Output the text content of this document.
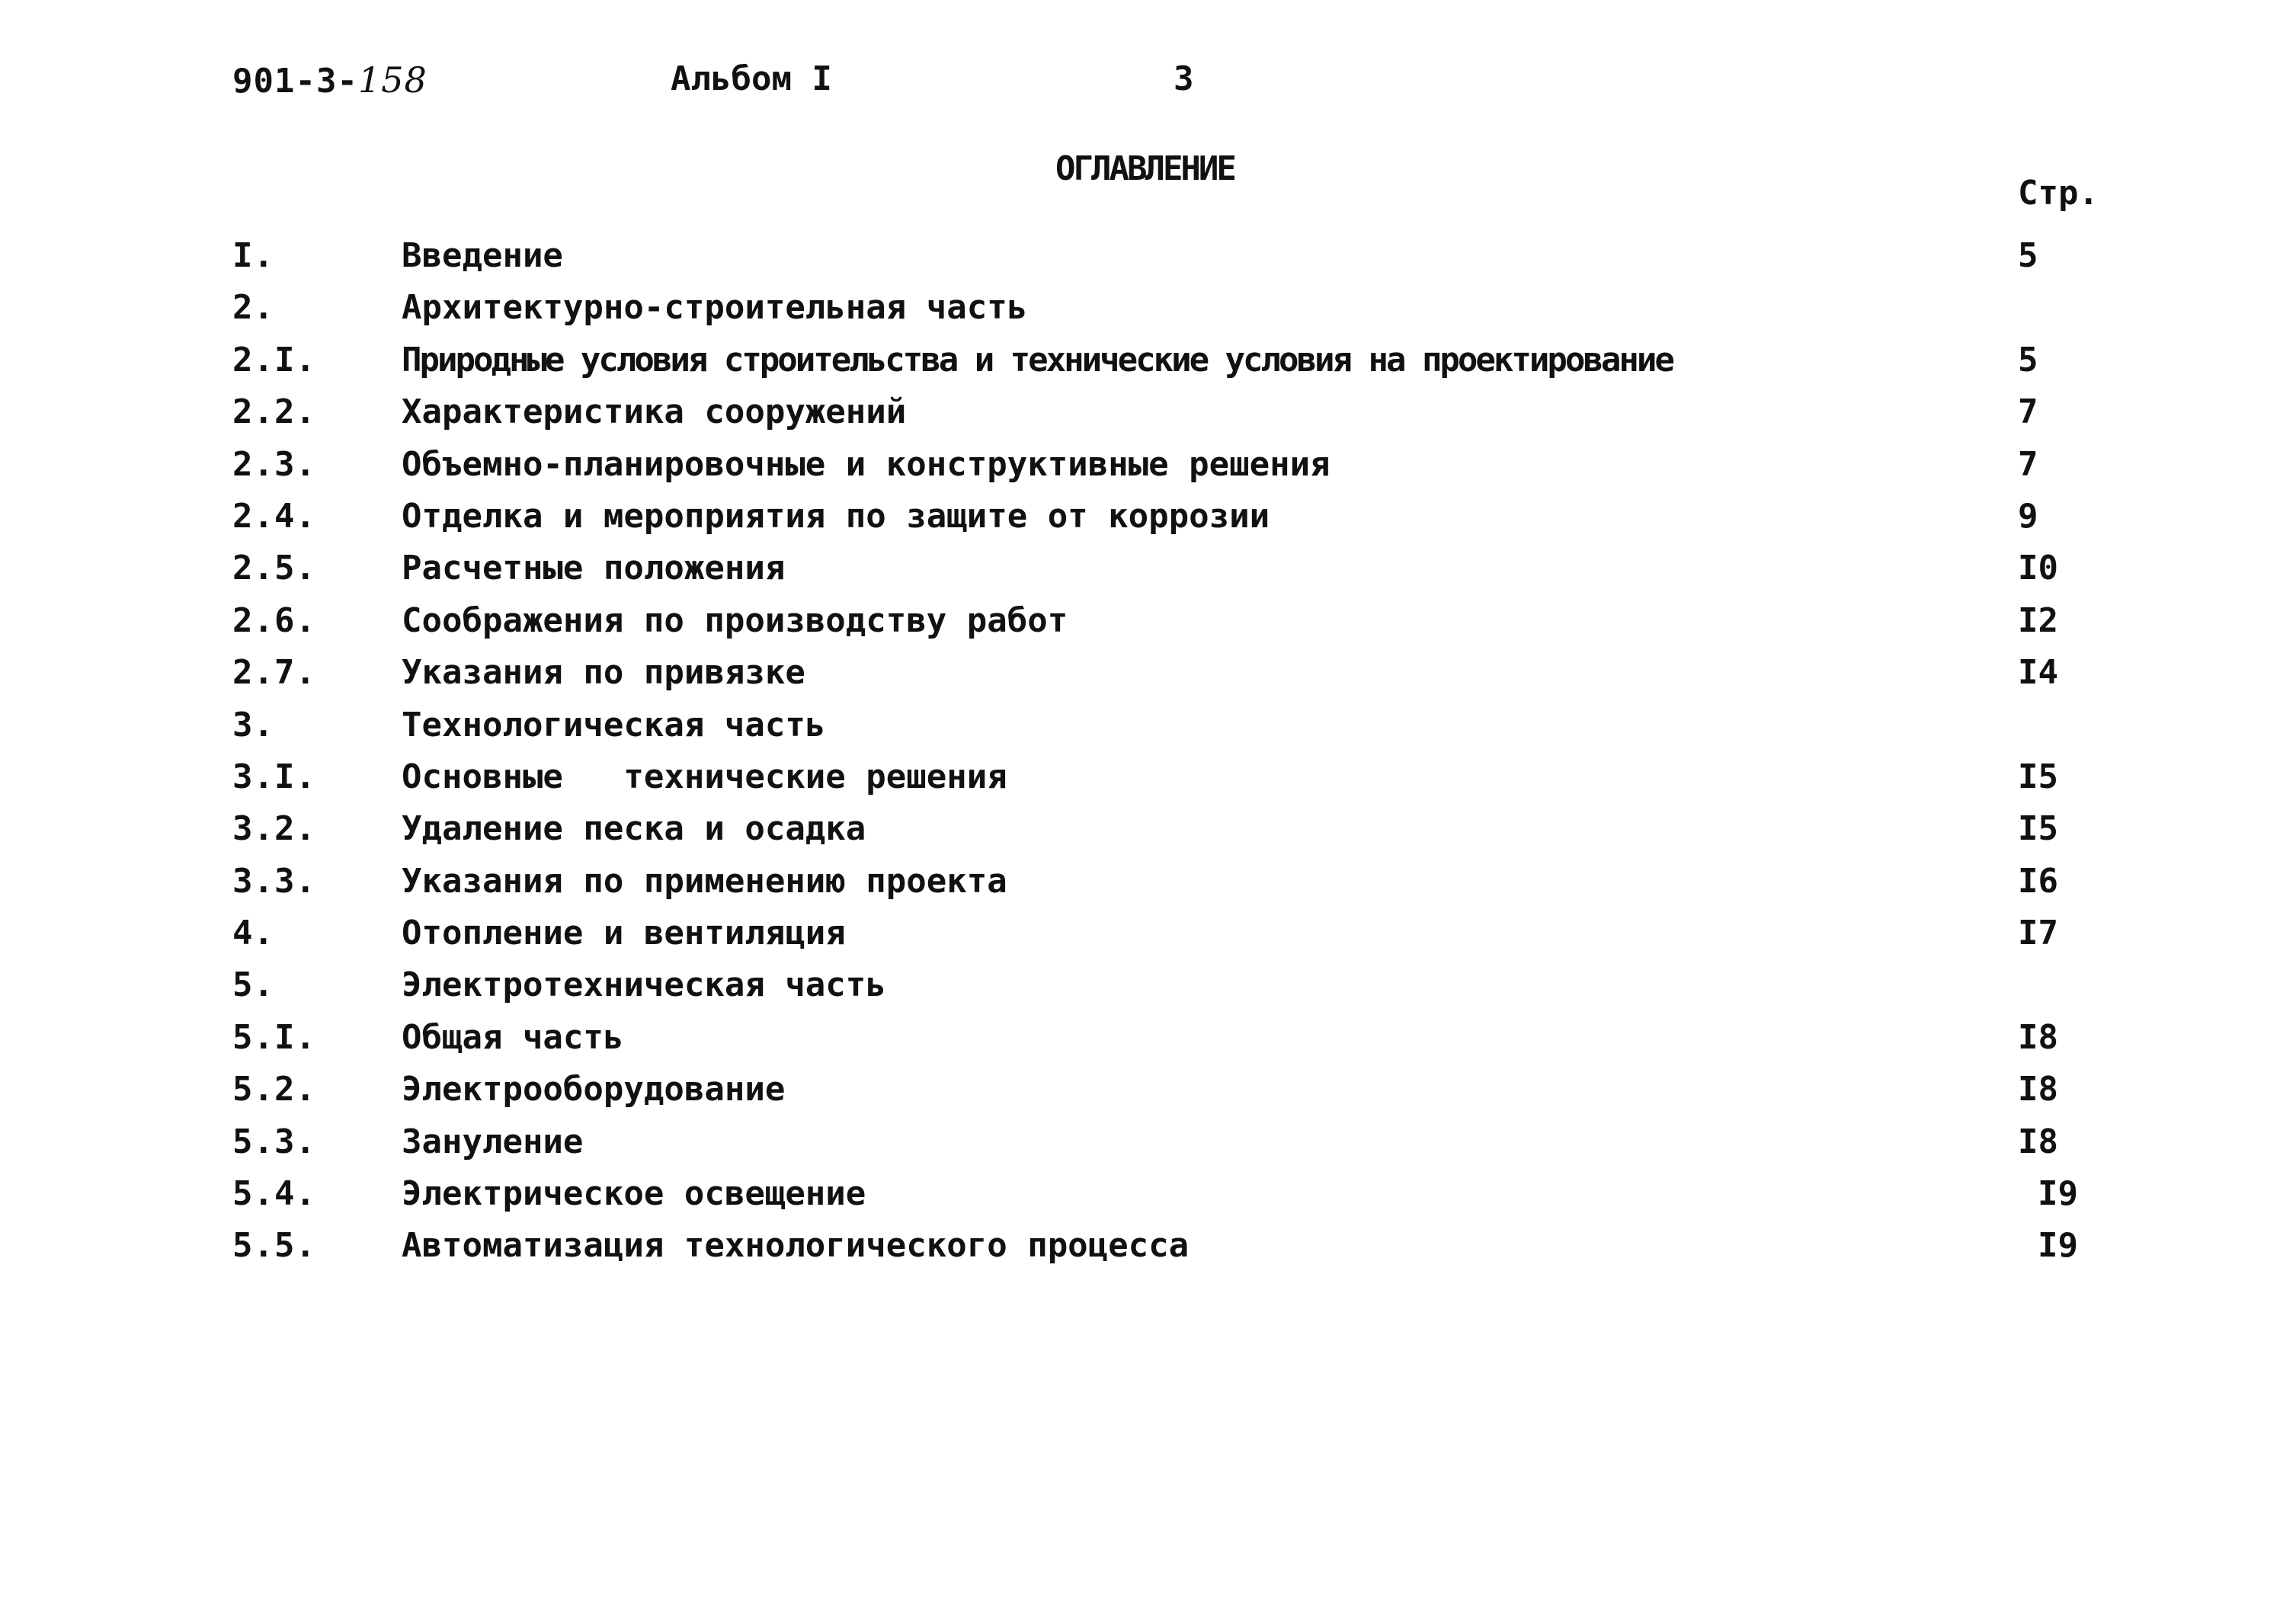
901-3-158	Альбом I	3
ОГЛАВЛЕНИЕ
Стр.
I.	Введение	5
2.	Архитектурно-строительная часть
2.I.	Природные условия строительства и технические условия на проектирование	5
2.2.	Характеристика сооружений	7
2.3.	Объемно-планировочные и конструктивные решения	7
2.4.	Отделка и мероприятия по защите от коррозии	9
2.5.	Расчетные положения	I0
2.6.	Соображения по производству работ	I2
2.7.	Указания по привязке	I4
3.	Технологическая часть
3.I.	Основные   технические решения	I5
3.2.	Удаление песка и осадка	I5
3.3.	Указания по применению проекта	I6
4.	Отопление и вентиляция	I7
5.	Электротехническая часть
5.I.	Общая часть	I8
5.2.	Электрооборудование	I8
5.3.	Зануление	I8
5.4.	Электрическое освещение	I9
5.5.	Автоматизация технологического процесса	I9
